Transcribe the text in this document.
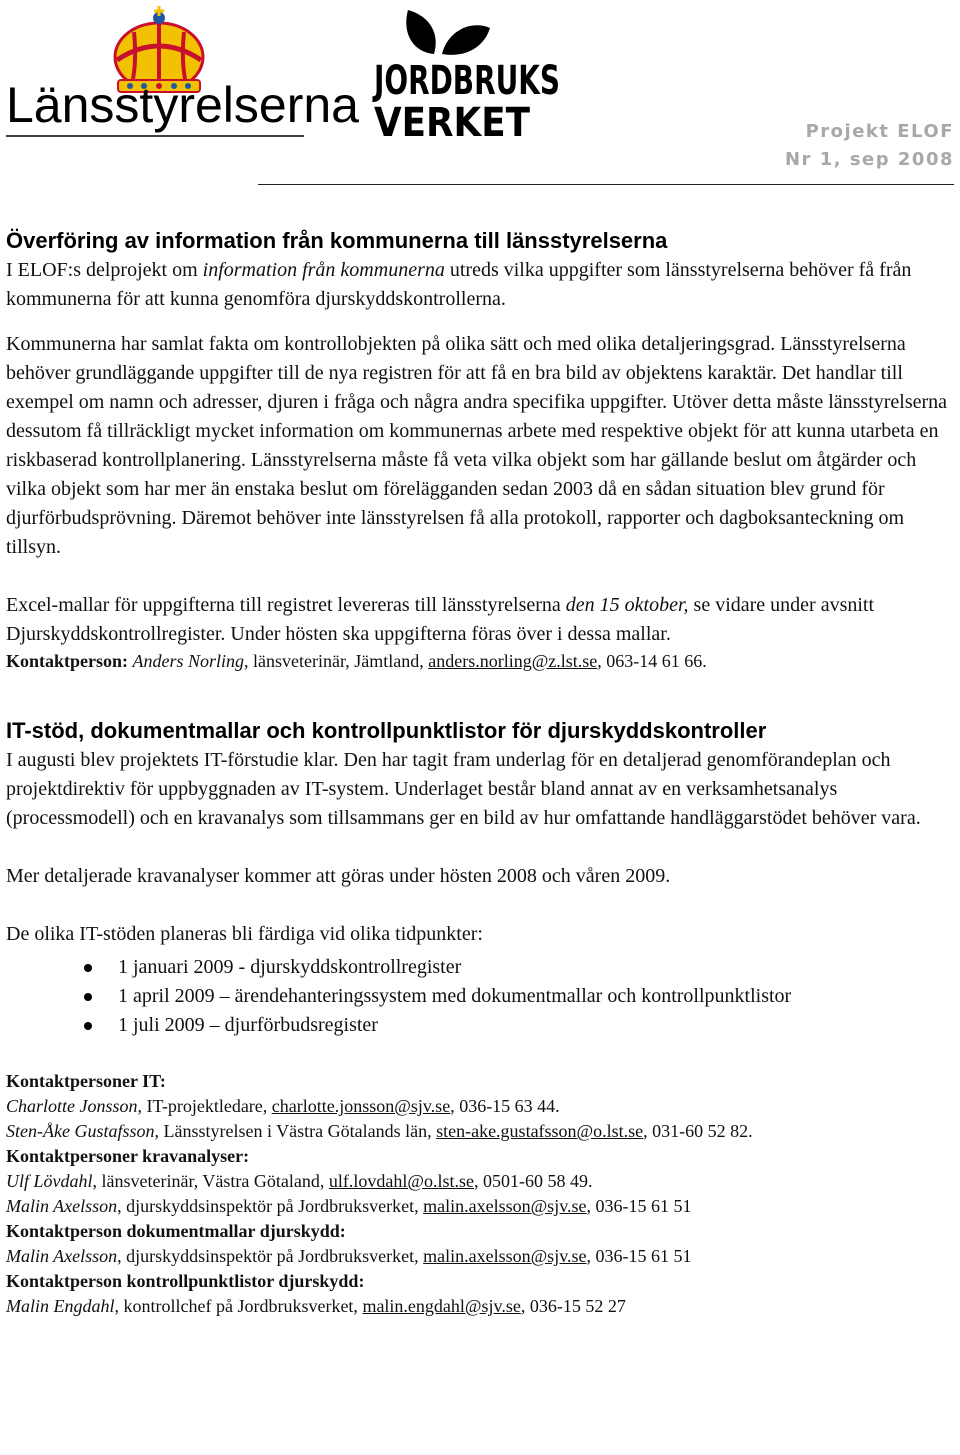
Länsstyrelserna JORDBRUKS
VERKET	Projekt ELOF
Nr 1, sep 2008
Överföring av information från kommunerna till länsstyrelserna

I ELOF:s delprojekt om information från kommunerna utreds vilka uppgifter som länsstyrelserna behöver få från kommunerna för att kunna genomföra djurskyddskontrollerna.

Kommunerna har samlat fakta om kontrollobjekten på olika sätt och med olika detaljeringsgrad. Länsstyrelserna behöver grundläggande uppgifter till de nya registren för att få en bra bild av objektens karaktär. Det handlar till exempel om namn och adresser, djuren i fråga och några andra specifika uppgifter. Utöver detta måste länsstyrelserna dessutom få tillräckligt mycket information om kommunernas arbete med respektive objekt för att kunna utarbeta en riskbaserad kontrollplanering. Länsstyrelserna måste få veta vilka objekt som har gällande beslut om åtgärder och vilka objekt som har mer än enstaka beslut om förelägganden sedan 2003 då en sådan situation blev grund för djurförbudsprövning. Däremot behöver inte länsstyrelsen få alla protokoll, rapporter och dagboksanteckning om tillsyn.

Excel-mallar för uppgifterna till registret levereras till länsstyrelserna den 15 oktober, se vidare under avsnitt Djurskyddskontrollregister. Under hösten ska uppgifterna föras över i dessa mallar.

Kontaktperson: Anders Norling, länsveterinär, Jämtland, anders.norling@z.lst.se, 063-14 61 66.

IT-stöd, dokumentmallar och kontrollpunktlistor för djurskyddskontroller

I augusti blev projektets IT-förstudie klar. Den har tagit fram underlag för en detaljerad genomförandeplan och projektdirektiv för uppbyggnaden av IT-system. Underlaget består bland annat av en verksamhetsanalys (processmodell) och en kravanalys som tillsammans ger en bild av hur omfattande handläggarstödet behöver vara.

Mer detaljerade kravanalyser kommer att göras under hösten 2008 och våren 2009.

De olika IT-stöden planeras bli färdiga vid olika tidpunkter:

1 januari 2009 - djurskyddskontrollregister
1 april 2009 – ärendehanteringssystem med dokumentmallar och kontrollpunktlistor
1 juli 2009 – djurförbudsregister

Kontaktpersoner IT:

Charlotte Jonsson, IT-projektledare, charlotte.jonsson@sjv.se, 036-15 63 44.

Sten-Åke Gustafsson, Länsstyrelsen i Västra Götalands län, sten-ake.gustafsson@o.lst.se, 031-60 52 82.

Kontaktpersoner kravanalyser:

Ulf Lövdahl, länsveterinär, Västra Götaland, ulf.lovdahl@o.lst.se, 0501-60 58 49.

Malin Axelsson, djurskyddsinspektör på Jordbruksverket, malin.axelsson@sjv.se, 036-15 61 51

Kontaktperson dokumentmallar djurskydd:

Malin Axelsson, djurskyddsinspektör på Jordbruksverket, malin.axelsson@sjv.se, 036-15 61 51

Kontaktperson kontrollpunktlistor djurskydd:

Malin Engdahl, kontrollchef på Jordbruksverket, malin.engdahl@sjv.se, 036-15 52 27
